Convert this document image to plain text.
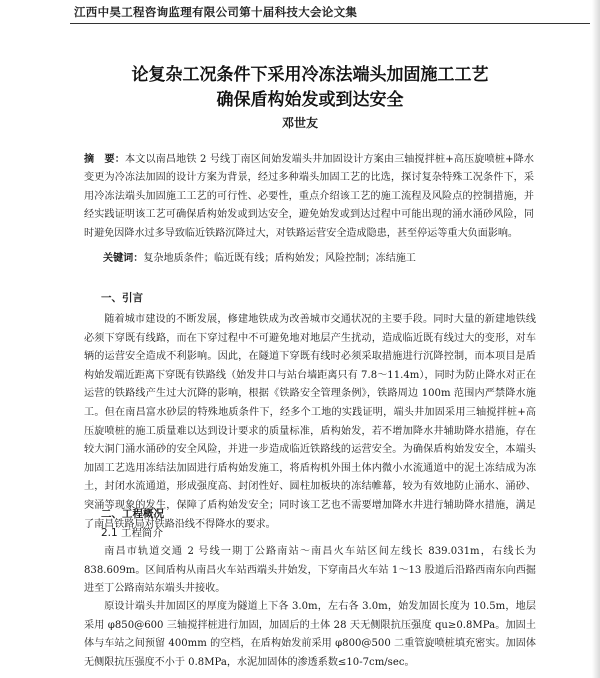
江西中昊工程咨询监理有限公司第十届科技大会论文集
论复杂工况条件下采用冷冻法端头加固施工工艺
确保盾构始发或到达安全
邓世友
摘　要：本文以南昌地铁 2 号线丁南区间始发端头井加固设计方案由三轴搅拌桩+高压旋喷桩+降水变更为冷冻法加固的设计方案为背景，经过多种端头加固工艺的比选，探讨复杂特殊工况条件下，采用冷冻法端头加固施工工艺的可行性、必要性，重点介绍该工艺的施工流程及风险点的控制措施，并经实践证明该工艺可确保盾构始发或到达安全，避免始发或到达过程中可能出现的涌水涌砂风险，同时避免因降水过多导致临近铁路沉降过大，对铁路运营安全造成隐患，甚至停运等重大负面影响。
关键词：复杂地质条件；临近既有线；盾构始发；风险控制；冻结施工
一、引言
随着城市建设的不断发展，修建地铁成为改善城市交通状况的主要手段。同时大量的新建地铁线必须下穿既有线路，而在下穿过程中不可避免地对地层产生扰动，造成临近既有线过大的变形，对车辆的运营安全造成不利影响。因此，在隧道下穿既有线时必须采取措施进行沉降控制，而本项目是盾构始发端近距离下穿既有铁路线（始发井口与站台墙距离只有 7.8～11.4m），同时为防止降水对正在运营的铁路线产生过大沉降的影响，根据《铁路安全管理条例》，铁路周边 100m 范围内严禁降水施工。但在南昌富水砂层的特殊地质条件下，经多个工地的实践证明，端头井加固采用三轴搅拌桩+高压旋喷桩的施工质量难以达到设计要求的质量标准，盾构始发，若不增加降水井辅助降水措施，存在较大洞门涌水涌砂的安全风险，并进一步造成临近铁路线的运营安全。为确保盾构始发安全，本端头加固工艺选用冻结法加固进行盾构始发施工，将盾构机外围土体内微小水流通道中的泥土冻结成为冻土，封闭水流通道，形成强度高、封闭性好、圆柱加板块的冻结帷幕，较为有效地防止涌水、涌砂、突涌等现象的发生，保障了盾构始发安全；同时该工艺也不需要增加降水井进行辅助降水措施，满足了南昌铁路局对铁路沿线不得降水的要求。
二、工程概况
2.1 工程简介
南昌市轨道交通 2 号线一期丁公路南站～南昌火车站区间左线长 839.031m，右线长为 838.609m。区间盾构从南昌火车站西端头井始发，下穿南昌火车站 1～13 股道后沿路西南东向西掘进至丁公路南站东端头井接收。
原设计端头井加固区的厚度为隧道上下各 3.0m，左右各 3.0m，始发加固长度为 10.5m，地层采用 φ850@600 三轴搅拌桩进行加固，加固后的土体 28 天无侧限抗压强度 qu≥0.8MPa。加固土体与车站之间预留 400mm 的空档，在盾构始发前采用 φ800@500 二重管旋喷桩填充密实。加固体无侧限抗压强度不小于 0.8MPa，水泥加固体的渗透系数≤10-7cm/sec。
